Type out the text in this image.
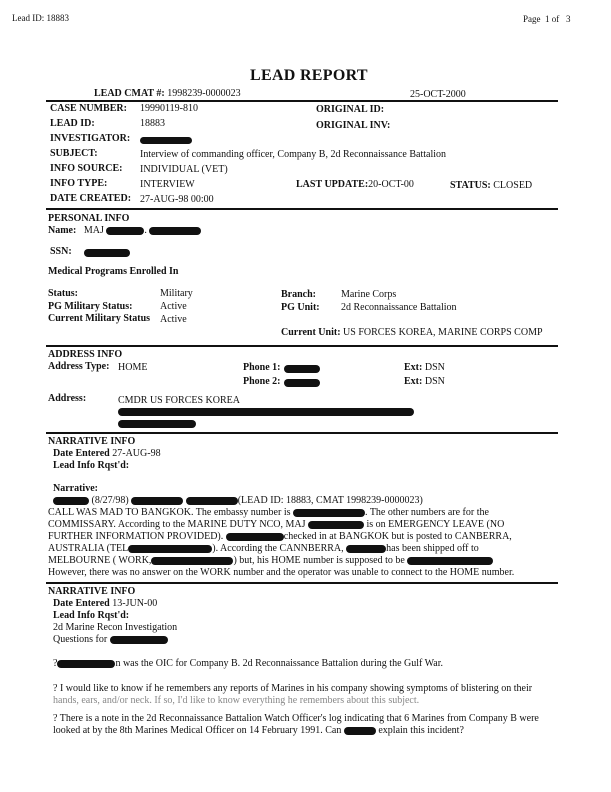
Lead ID: 18883	Page 1 of 3
LEAD REPORT
LEAD CMAT #: 1998239-0000023	25-OCT-2000
CASE NUMBER: 19990119-810	ORIGINAL ID:
LEAD ID:	18883	ORIGINAL INV:
INVESTIGATOR:
SUBJECT:	Interview of commanding officer, Company B, 2d Reconnaissance Battalion
INFO SOURCE: INDIVIDUAL (VET)
INFO TYPE:	INTERVIEW	LAST UPDATE:20-OCT-00	STATUS: CLOSED
DATE CREATED: 27-AUG-98 00:00
PERSONAL INFO
Name: MAJ	.
SSN:
Medical Programs Enrolled In
Status:	Military
PG Military Status:	Active
Current Military Status Active
Branch:	Marine Corps
PG Unit: 2d Reconnaissance Battalion
Current Unit: US FORCES KOREA, MARINE CORPS COMP
ADDRESS INFO
Address Type: HOME	Phone 1:	Ext: DSN
Phone 2:	Ext: DSN
Address:	CMDR US FORCES KOREA
NARRATIVE INFO
Date Entered 27-AUG-98
Lead Info Rqst'd:
Narrative:
(8/27/98)	(LEAD ID: 18883, CMAT 1998239-0000023)
CALL WAS MAD TO BANGKOK. The embassy number is	. The other numbers are for the
COMMISSARY. According to the MARINE DUTY NCO, MAJ	is on EMERGENCY LEAVE (NO
FURTHER INFORMATION PROVIDED).	checked in at BANGKOK but is posted to CANBERRA,
AUSTRALIA (TEL	). According the CANNBERRA,	has been shipped off to
MELBOURNE ( WORK,	) but, his HOME number is supposed to be
However, there was no answer on the WORK number and the operator was unable to connect to the HOME number.
NARRATIVE INFO
Date Entered 13-JUN-00
Lead Info Rqst'd:
2d Marine Recon Investigation
Questions for
?	n was the OIC for Company B. 2d Reconnaissance Battalion during the Gulf War.
? I would like to know if he remembers any reports of Marines in his company showing symptoms of blistering on their
hands, ears, and/or neck. If so, I'd like to know everything he remembers about this subject.
? There is a note in the 2d Reconnaissance Battalion Watch Officer's log indicating that 6 Marines from Company B were
looked at by the 8th Marines Medical Officer on 14 February 1991. Can	explain this incident?
